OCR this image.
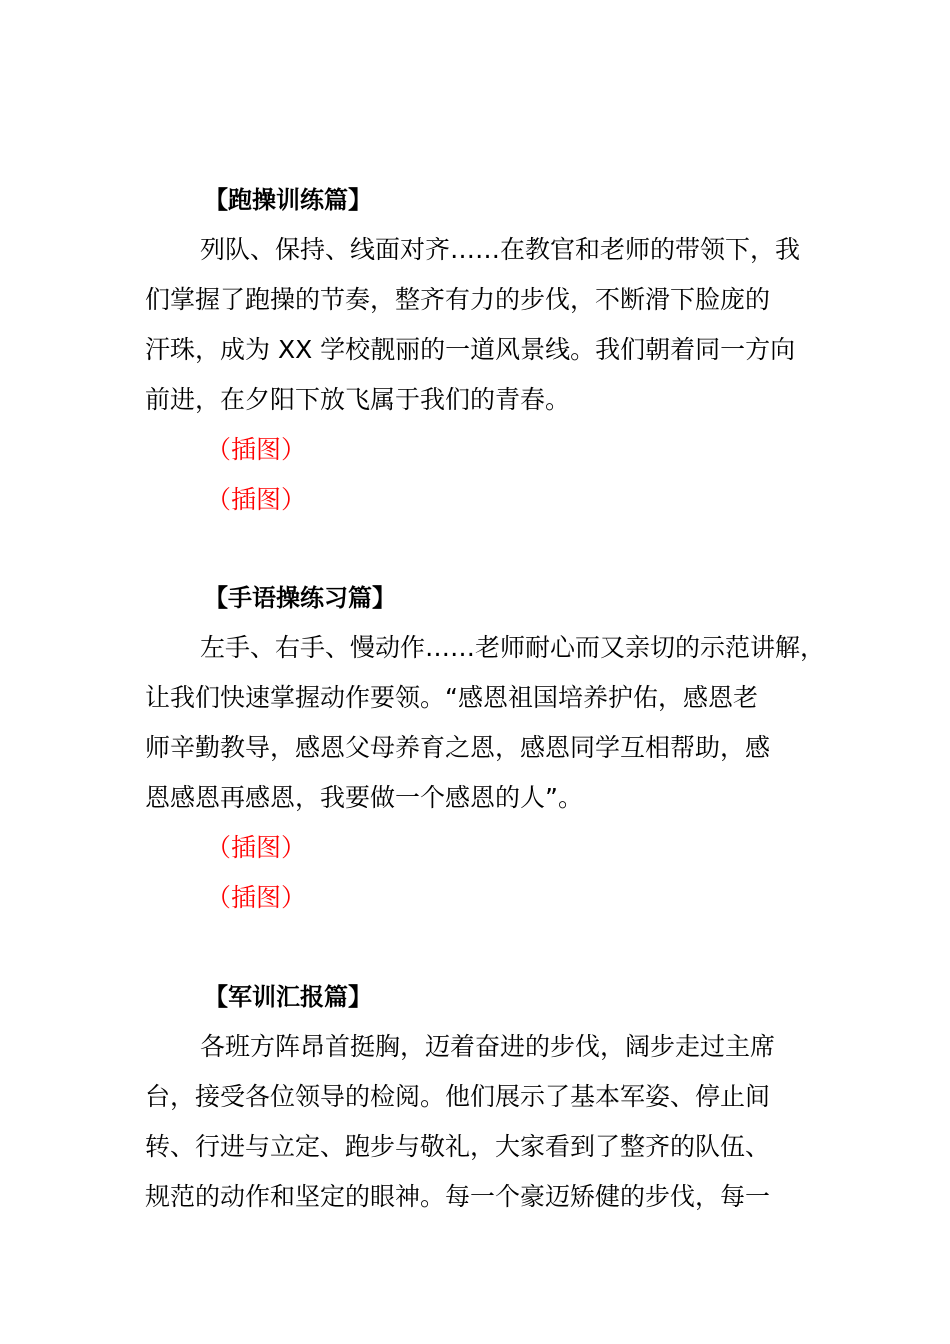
【跑操训练篇】
列队、保持、线面对齐……在教官和老师的带领下，我
们掌握了跑操的节奏，整齐有力的步伐，不断滑下脸庞的
汗珠，成为 XX 学校靓丽的一道风景线。我们朝着同一方向
前进，在夕阳下放飞属于我们的青春。
（插图）
（插图）
【手语操练习篇】
左手、右手、慢动作……老师耐心而又亲切的示范讲解，
让我们快速掌握动作要领。“感恩祖国培养护佑，感恩老
师辛勤教导，感恩父母养育之恩，感恩同学互相帮助，感
恩感恩再感恩，我要做一个感恩的人”。
（插图）
（插图）
【军训汇报篇】
各班方阵昂首挺胸，迈着奋进的步伐，阔步走过主席
台，接受各位领导的检阅。他们展示了基本军姿、停止间
转、行进与立定、跑步与敬礼，大家看到了整齐的队伍、
规范的动作和坚定的眼神。每一个豪迈矫健的步伐，每一
